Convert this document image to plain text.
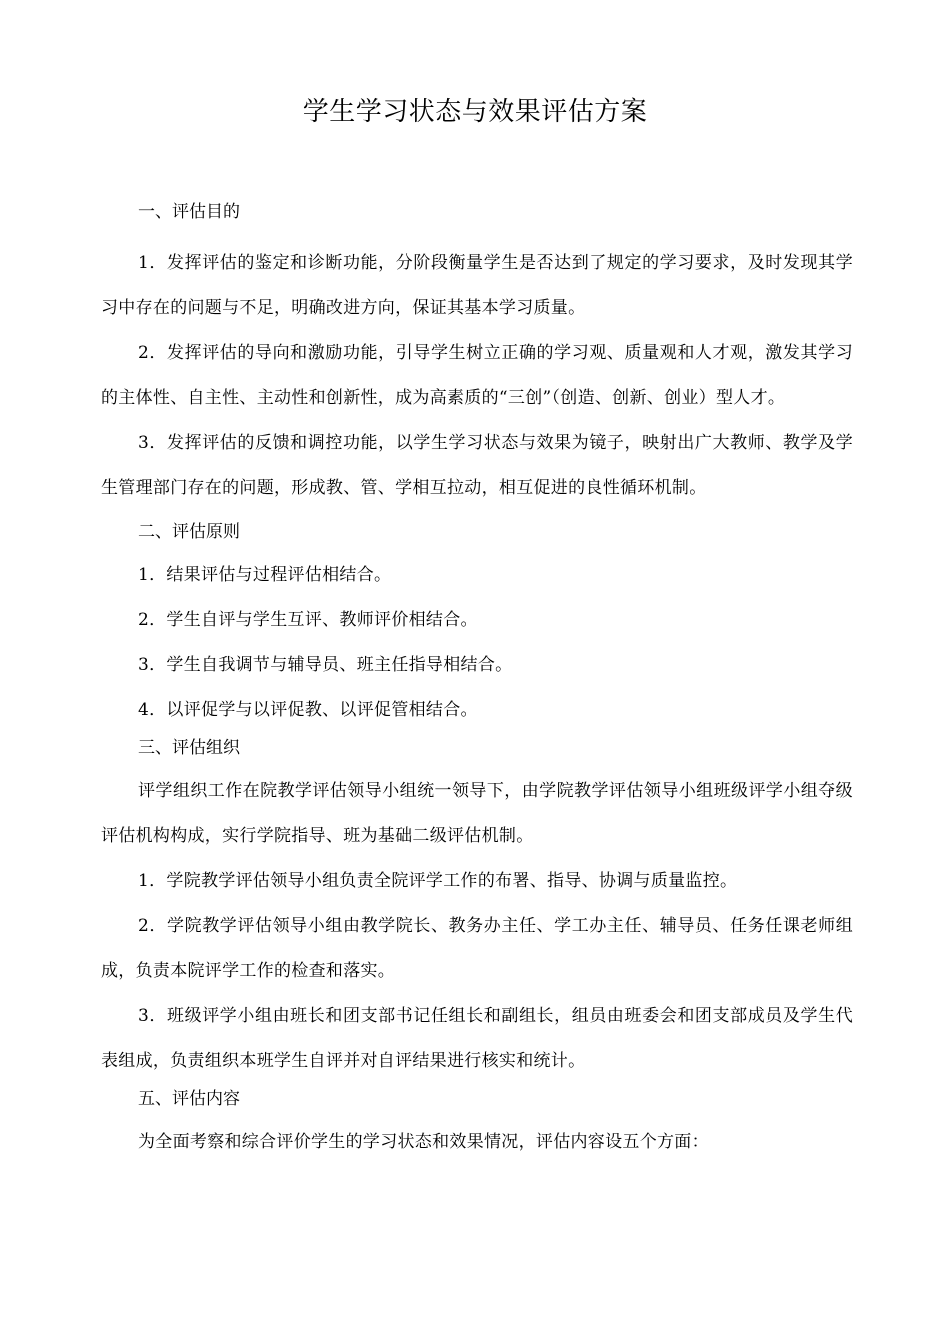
学生学习状态与效果评估方案
一、评估目的

1．发挥评估的鉴定和诊断功能，分阶段衡量学生是否达到了规定的学习要求，及时发现其学习中存在的问题与不足，明确改进方向，保证其基本学习质量。

2．发挥评估的导向和激励功能，引导学生树立正确的学习观、质量观和人才观，激发其学习的主体性、自主性、主动性和创新性，成为高素质的“三创”（创造、创新、创业）型人才。

3．发挥评估的反馈和调控功能，以学生学习状态与效果为镜子，映射出广大教师、教学及学生管理部门存在的问题，形成教、管、学相互拉动，相互促进的良性循环机制。

二、评估原则

1．结果评估与过程评估相结合。

2．学生自评与学生互评、教师评价相结合。

3．学生自我调节与辅导员、班主任指导相结合。

4．以评促学与以评促教、以评促管相结合。

三、评估组织

评学组织工作在院教学评估领导小组统一领导下，由学院教学评估领导小组班级评学小组夺级评估机构构成，实行学院指导、班为基础二级评估机制。

1．学院教学评估领导小组负责全院评学工作的布署、指导、协调与质量监控。

2．学院教学评估领导小组由教学院长、教务办主任、学工办主任、辅导员、任务任课老师组成，负责本院评学工作的检查和落实。

3．班级评学小组由班长和团支部书记任组长和副组长，组员由班委会和团支部成员及学生代表组成，负责组织本班学生自评并对自评结果进行核实和统计。

五、评估内容

为全面考察和综合评价学生的学习状态和效果情况，评估内容设五个方面：
